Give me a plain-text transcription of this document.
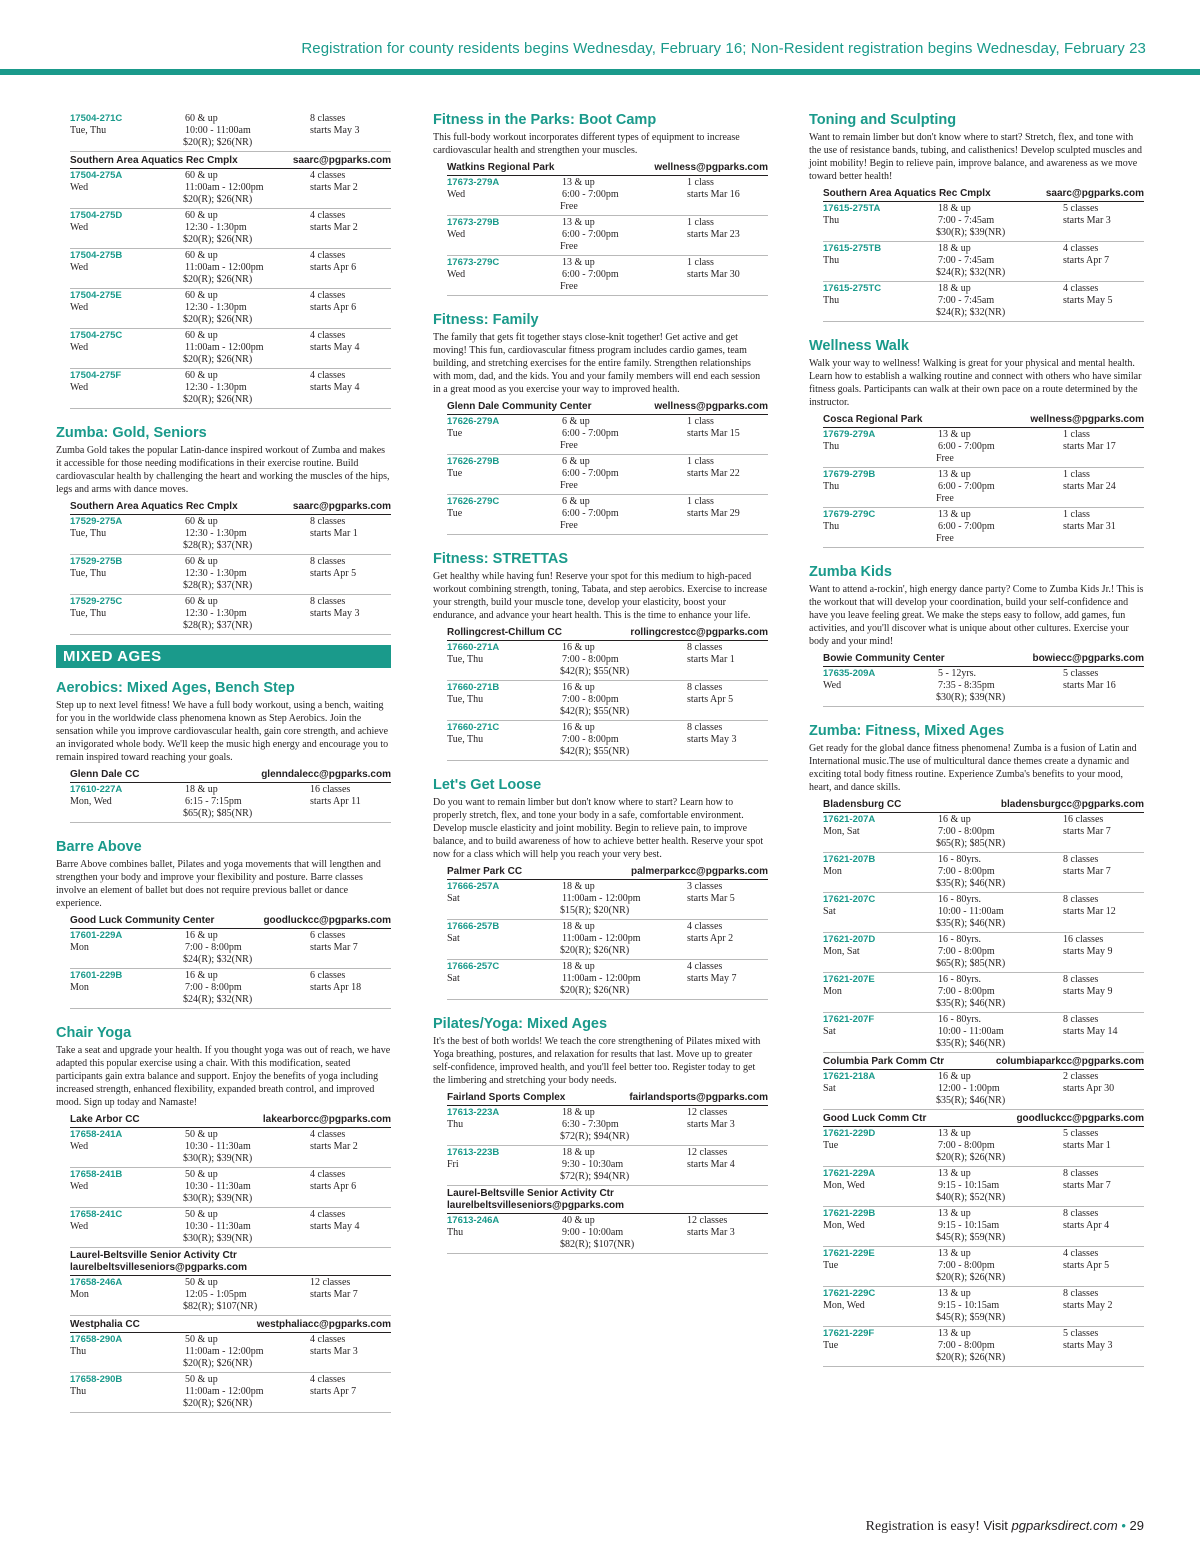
Registration for county residents begins Wednesday, February 16; Non-Resident registration begins Wednesday, February 23
17504-271C	60 & up	8 classes
Tue, Thu	10:00 - 11:00am	starts May 3
$20(R); $26(NR)
Southern Area Aquatics Rec Cmplx	saarc@pgparks.com
17504-275A	60 & up	4 classes
Wed	11:00am - 12:00pm	starts Mar 2
$20(R); $26(NR)
17504-275D	60 & up	4 classes
Wed	12:30 - 1:30pm	starts Mar 2
$20(R); $26(NR)
17504-275B	60 & up	4 classes
Wed	11:00am - 12:00pm	starts Apr 6
$20(R); $26(NR)
17504-275E	60 & up	4 classes
Wed	12:30 - 1:30pm	starts Apr 6
$20(R); $26(NR)
17504-275C	60 & up	4 classes
Wed	11:00am - 12:00pm	starts May 4
$20(R); $26(NR)
17504-275F	60 & up	4 classes
Wed	12:30 - 1:30pm	starts May 4
$20(R); $26(NR)
Zumba: Gold, Seniors

Zumba Gold takes the popular Latin-dance inspired workout of Zumba and makes it accessible for those needing modifications in their exercise routine. Build cardiovascular health by challenging the heart and working the muscles of the hips, legs and arms with dance moves.

Southern Area Aquatics Rec Cmplx	saarc@pgparks.com
17529-275A	60 & up	8 classes
Tue, Thu	12:30 - 1:30pm	starts Mar 1
$28(R); $37(NR)
17529-275B	60 & up	8 classes
Tue, Thu	12:30 - 1:30pm	starts Apr 5
$28(R); $37(NR)
17529-275C	60 & up	8 classes
Tue, Thu	12:30 - 1:30pm	starts May 3
$28(R); $37(NR)
MIXED AGES
Aerobics: Mixed Ages, Bench Step

Step up to next level fitness! We have a full body workout, using a bench, waiting for you in the worldwide class phenomena known as Step Aerobics. Join the sensation while you improve cardiovascular health, gain core strength, and achieve an invigorated whole body. We'll keep the music high energy and encourage you to remain inspired toward reaching your goals.

Glenn Dale CC	glenndalecc@pgparks.com
17610-227A	18 & up	16 classes
Mon, Wed	6:15 - 7:15pm	starts Apr 11
$65(R); $85(NR)
Barre Above

Barre Above combines ballet, Pilates and yoga movements that will lengthen and strengthen your body and improve your flexibility and posture. Barre classes involve an element of ballet but does not require previous ballet or dance experience.

Good Luck Community Center	goodluckcc@pgparks.com
17601-229A	16 & up	6 classes
Mon	7:00 - 8:00pm	starts Mar 7
$24(R); $32(NR)
17601-229B	16 & up	6 classes
Mon	7:00 - 8:00pm	starts Apr 18
$24(R); $32(NR)
Chair Yoga

Take a seat and upgrade your health. If you thought yoga was out of reach, we have adapted this popular exercise using a chair. With this modification, seated participants gain extra balance and support. Enjoy the benefits of yoga including increased strength, enhanced flexibility, expanded breath control, and improved mood. Sign up today and Namaste!

Lake Arbor CC	lakearborcc@pgparks.com
17658-241A	50 & up	4 classes
Wed	10:30 - 11:30am	starts Mar 2
$30(R); $39(NR)
17658-241B	50 & up	4 classes
Wed	10:30 - 11:30am	starts Apr 6
$30(R); $39(NR)
17658-241C	50 & up	4 classes
Wed	10:30 - 11:30am	starts May 4
$30(R); $39(NR)
Laurel-Beltsville Senior Activity Ctr
laurelbeltsvilleseniors@pgparks.com
17658-246A	50 & up	12 classes
Mon	12:05 - 1:05pm	starts Mar 7
$82(R); $107(NR)
Westphalia CC	westphaliacc@pgparks.com
17658-290A	50 & up	4 classes
Thu	11:00am - 12:00pm	starts Mar 3
$20(R); $26(NR)
17658-290B	50 & up	4 classes
Thu	11:00am - 12:00pm	starts Apr 7
$20(R); $26(NR)
Fitness in the Parks: Boot Camp

This full-body workout incorporates different types of equipment to increase cardiovascular health and strengthen your muscles.

Watkins Regional Park	wellness@pgparks.com
17673-279A	13 & up	1 class
Wed	6:00 - 7:00pm	starts Mar 16
Free
17673-279B	13 & up	1 class
Wed	6:00 - 7:00pm	starts Mar 23
Free
17673-279C	13 & up	1 class
Wed	6:00 - 7:00pm	starts Mar 30
Free
Fitness: Family

The family that gets fit together stays close-knit together! Get active and get moving! This fun, cardiovascular fitness program includes cardio games, team building, and stretching exercises for the entire family. Strengthen relationships with mom, dad, and the kids. You and your family members will end each session in a great mood as you exercise your way to improved health.

Glenn Dale Community Center	wellness@pgparks.com
17626-279A	6 & up	1 class
Tue	6:00 - 7:00pm	starts Mar 15
Free
17626-279B	6 & up	1 class
Tue	6:00 - 7:00pm	starts Mar 22
Free
17626-279C	6 & up	1 class
Tue	6:00 - 7:00pm	starts Mar 29
Free
Fitness: STRETTAS

Get healthy while having fun! Reserve your spot for this medium to high-paced workout combining strength, toning, Tabata, and step aerobics. Exercise to increase your strength, build your muscle tone, develop your elasticity, boost your endurance, and advance your heart health. This is the time to enhance your life.

Rollingcrest-Chillum CC	rollingcrestcc@pgparks.com
17660-271A	16 & up	8 classes
Tue, Thu	7:00 - 8:00pm	starts Mar 1
$42(R); $55(NR)
17660-271B	16 & up	8 classes
Tue, Thu	7:00 - 8:00pm	starts Apr 5
$42(R); $55(NR)
17660-271C	16 & up	8 classes
Tue, Thu	7:00 - 8:00pm	starts May 3
$42(R); $55(NR)
Let's Get Loose

Do you want to remain limber but don't know where to start? Learn how to properly stretch, flex, and tone your body in a safe, comfortable environment. Develop muscle elasticity and joint mobility. Begin to relieve pain, to improve balance, and to build awareness of how to achieve better health. Reserve your spot now for a class which will help you reach your very best.

Palmer Park CC	palmerparkcc@pgparks.com
17666-257A	18 & up	3 classes
Sat	11:00am - 12:00pm	starts Mar 5
$15(R); $20(NR)
17666-257B	18 & up	4 classes
Sat	11:00am - 12:00pm	starts Apr 2
$20(R); $26(NR)
17666-257C	18 & up	4 classes
Sat	11:00am - 12:00pm	starts May 7
$20(R); $26(NR)
Pilates/Yoga: Mixed Ages

It's the best of both worlds! We teach the core strengthening of Pilates mixed with Yoga breathing, postures, and relaxation for results that last. Move up to greater self-confidence, improved health, and you'll feel better too. Register today to get the limbering and stretching your body needs.

Fairland Sports Complex	fairlandsports@pgparks.com
17613-223A	18 & up	12 classes
Thu	6:30 - 7:30pm	starts Mar 3
$72(R); $94(NR)
17613-223B	18 & up	12 classes
Fri	9:30 - 10:30am	starts Mar 4
$72(R); $94(NR)
Laurel-Beltsville Senior Activity Ctr
laurelbeltsvilleseniors@pgparks.com
17613-246A	40 & up	12 classes
Thu	9:00 - 10:00am	starts Mar 3
$82(R); $107(NR)
Toning and Sculpting

Want to remain limber but don't know where to start? Stretch, flex, and tone with the use of resistance bands, tubing, and calisthenics! Develop sculpted muscles and joint mobility! Begin to relieve pain, improve balance, and awareness as we move toward better health!

Southern Area Aquatics Rec Cmplx	saarc@pgparks.com
17615-275TA	18 & up	5 classes
Thu	7:00 - 7:45am	starts Mar 3
$30(R); $39(NR)
17615-275TB	18 & up	4 classes
Thu	7:00 - 7:45am	starts Apr 7
$24(R); $32(NR)
17615-275TC	18 & up	4 classes
Thu	7:00 - 7:45am	starts May 5
$24(R); $32(NR)
Wellness Walk

Walk your way to wellness! Walking is great for your physical and mental health. Learn how to establish a walking routine and connect with others who have similar fitness goals. Participants can walk at their own pace on a route determined by the instructor.

Cosca Regional Park	wellness@pgparks.com
17679-279A	13 & up	1 class
Thu	6:00 - 7:00pm	starts Mar 17
Free
17679-279B	13 & up	1 class
Thu	6:00 - 7:00pm	starts Mar 24
Free
17679-279C	13 & up	1 class
Thu	6:00 - 7:00pm	starts Mar 31
Free
Zumba Kids

Want to attend a-rockin', high energy dance party? Come to Zumba Kids Jr.! This is the workout that will develop your coordination, build your self-confidence and have you leave feeling great. We make the steps easy to follow, add games, fun activities, and you'll discover what is unique about other cultures. Exercise your body and your mind!

Bowie Community Center	bowiecc@pgparks.com
17635-209A	5 - 12yrs.	5 classes
Wed	7:35 - 8:35pm	starts Mar 16
$30(R); $39(NR)
Zumba: Fitness, Mixed Ages

Get ready for the global dance fitness phenomena! Zumba is a fusion of Latin and International music.The use of multicultural dance themes create a dynamic and exciting total body fitness routine. Experience Zumba's benefits to your mood, heart, and dance skills.

Bladensburg CC	bladensburgcc@pgparks.com
17621-207A	16 & up	16 classes
Mon, Sat	7:00 - 8:00pm	starts Mar 7
$65(R); $85(NR)
17621-207B	16 - 80yrs.	8 classes
Mon	7:00 - 8:00pm	starts Mar 7
$35(R); $46(NR)
17621-207C	16 - 80yrs.	8 classes
Sat	10:00 - 11:00am	starts Mar 12
$35(R); $46(NR)
17621-207D	16 - 80yrs.	16 classes
Mon, Sat	7:00 - 8:00pm	starts May 9
$65(R); $85(NR)
17621-207E	16 - 80yrs.	8 classes
Mon	7:00 - 8:00pm	starts May 9
$35(R); $46(NR)
17621-207F	16 - 80yrs.	8 classes
Sat	10:00 - 11:00am	starts May 14
$35(R); $46(NR)
Columbia Park Comm Ctr	columbiaparkcc@pgparks.com
17621-218A	16 & up	2 classes
Sat	12:00 - 1:00pm	starts Apr 30
$35(R); $46(NR)
Good Luck Comm Ctr	goodluckcc@pgparks.com
17621-229D	13 & up	5 classes
Tue	7:00 - 8:00pm	starts Mar 1
$20(R); $26(NR)
17621-229A	13 & up	8 classes
Mon, Wed	9:15 - 10:15am	starts Mar 7
$40(R); $52(NR)
17621-229B	13 & up	8 classes
Mon, Wed	9:15 - 10:15am	starts Apr 4
$45(R); $59(NR)
17621-229E	13 & up	4 classes
Tue	7:00 - 8:00pm	starts Apr 5
$20(R); $26(NR)
17621-229C	13 & up	8 classes
Mon, Wed	9:15 - 10:15am	starts May 2
$45(R); $59(NR)
17621-229F	13 & up	5 classes
Tue	7:00 - 8:00pm	starts May 3
$20(R); $26(NR)
Registration is easy! Visit pgparksdirect.com • 29
